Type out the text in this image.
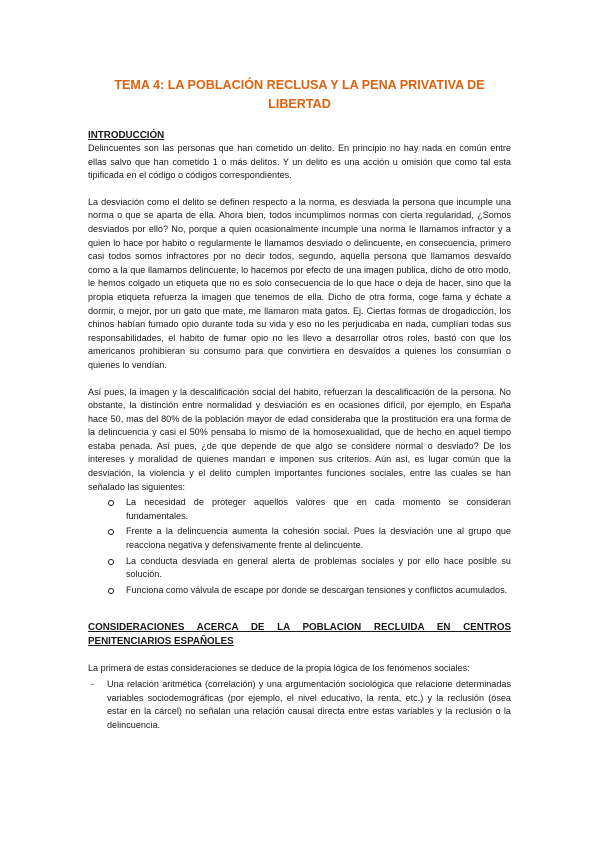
TEMA 4: LA POBLACIÓN RECLUSA Y LA PENA PRIVATIVA DE LIBERTAD
INTRODUCCIÓN

Delincuentes son las personas que han cometido un delito. En principio no hay nada en común entre ellas salvo que han cometido 1 o más delitos. Y un delito es una acción u omisión que como tal esta tipificada en el código o códigos correspondientes.

La desviación como el delito se definen respecto a la norma, es desviada la persona que incumple una norma o que se aparta de ella. Ahora bien, todos incumplimos normas con cierta regularidad, ¿Somos desviados por ello? No, porque a quien ocasionalmente incumple una norma le llamamos infractor y a quien lo hace por habito o regularmente le llamamos desviado o delincuente, en consecuencia, primero casi todos somos infractores por no decir todos, segundo, aquella persona que llamamos desvaído como a la que llamamos delincuente, lo hacemos por efecto de una imagen publica, dicho de otro modo, le hemos colgado un etiqueta que no es solo consecuencia de lo que hace o deja de hacer, sino que la propia etiqueta refuerza la imagen que tenemos de ella. Dicho de otra forma, coge fama y échate a dormir, o mejor, por un gato que mate, me llamaron mata gatos. Ej. Ciertas formas de drogadicción, los chinos habían fumado opio durante toda su vida y eso no les perjudicaba en nada, cumplían todas sus responsabilidades, el habito de fumar opio no les llevo a desarrollar otros roles, bastó con que los americanos prohibieran su consumo para que convirtiera en desvaídos a quienes los consumían o quienes lo vendían.

Así pues, la imagen y la descalificación social del habito, refuerzan la descalificación de la persona. No obstante, la distinción entre normalidad y desviación es en ocasiones difícil, por ejemplo, en España hace 50, mas del 80% de la población mayor de edad consideraba que la prostitución era una forma de la delincuencia y casi el 50% pensaba lo mismo de la homosexualidad, que de hecho en aquel tiempo estaba penada. Así pues, ¿de que depende de que algo se considere normal o desviado? De los intereses y moralidad de quienes mandan e imponen sus criterios. Aún así, es lugar común que la desviación, la violencia y el delito cumplen importantes funciones sociales, entre las cuales se han señalado las siguientes:

La necesidad de proteger aquellos valores que en cada momento se consideran fundamentales.
Frente a la delincuencia aumenta la cohesión social. Pues la desviación une al grupo que reacciona negativa y defensivamente frente al delincuente.
La conducta desviada en general alerta de problemas sociales y por ello hace posible su solución.
Funciona como válvula de escape por donde se descargan tensiones y conflictos acumulados.
CONSIDERACIONES ACERCA DE LA POBLACION RECLUIDA EN CENTROS PENITENCIARIOS ESPAÑOLES

La primera de estas consideraciones se deduce de la propia lógica de los fenómenos sociales:

- Una relación aritmética (correlación) y una argumentación sociológica que relacione determinadas variables sociodemográficas (por ejemplo, el nivel educativo, la renta, etc.) y la reclusión (ósea estar en la cárcel) no señalan una relación causal directa entre estas variables y la reclusión o la delincuencia.
